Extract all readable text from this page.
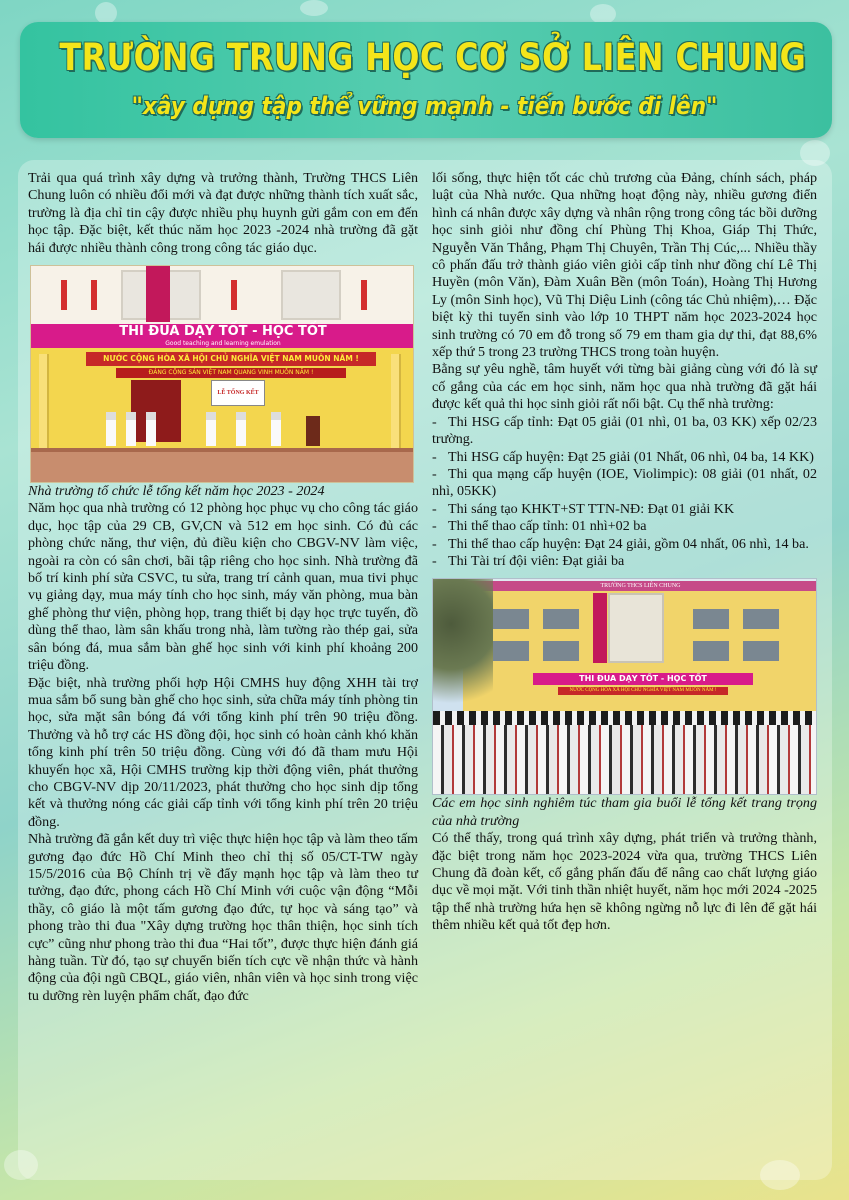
TRƯỜNG TRUNG HỌC CƠ SỞ LIÊN CHUNG
"xây dựng tập thể vững mạnh - tiến bước đi lên"

Trải qua quá trình xây dựng và trưởng thành, Trường THCS Liên Chung luôn có nhiều đổi mới và đạt được những thành tích xuất sắc, trường là địa chỉ tin cậy được nhiều phụ huynh gửi gắm con em đến học tập. Đặc biệt, kết thúc năm học 2023 -2024 nhà trường đã gặt hái được nhiều thành công trong công tác giáo dục.

THI ĐUA DẠY TỐT - HỌC TỐT
Good teaching and learning emulation
NƯỚC CỘNG HÒA XÃ HỘI CHỦ NGHĨA VIỆT NAM MUÔN NĂM !
ĐẢNG CỘNG SẢN VIỆT NAM QUANG VINH MUÔN NĂM !
LỄ TỔNG KẾT

Nhà trường tổ chức lễ tổng kết năm học 2023 - 2024

Năm học qua nhà trường có 12 phòng học phục vụ cho công tác giáo dục, học tập của 29 CB, GV,CN và 512 em học sinh. Có đủ các phòng chức năng, thư viện, đủ điều kiện cho CBGV-NV làm việc, ngoài ra còn có sân chơi, bãi tập riêng cho học sinh. Nhà trường đã bố trí kinh phí sửa CSVC, tu sửa, trang trí cảnh quan, mua tivi phục vụ giảng dạy, mua máy tính cho học sinh, máy văn phòng, mua bàn ghế phòng thư viện, phòng họp, trang thiết bị dạy học trực tuyến, đồ dùng thể thao, làm sân khấu trong nhà, làm tường rào thép gai, sửa sân bóng đá, mua sắm bàn ghế học sinh với kinh phí khoảng 200 triệu đồng.

Đặc biệt, nhà trường phối hợp Hội CMHS huy động XHH tài trợ mua sắm bổ sung bàn ghế cho học sinh, sửa chữa máy tính phòng tin học, sửa mặt sân bóng đá với tổng kinh phí trên 90 triệu đồng. Thưởng và hỗ trợ các HS đồng đội, học sinh có hoàn cảnh khó khăn tổng kinh phí trên 50 triệu đồng. Cùng với đó đã tham mưu Hội khuyến học xã, Hội CMHS trường kịp thời động viên, phát thưởng cho CBGV-NV dịp 20/11/2023, phát thưởng cho học sinh dịp tổng kết và thưởng nóng các giải cấp tỉnh với tổng kinh phí trên 20 triệu đồng.

Nhà trường đã gắn kết duy trì việc thực hiện học tập và làm theo tấm gương đạo đức Hồ Chí Minh theo chỉ thị số 05/CT-TW ngày 15/5/2016 của Bộ Chính trị về đẩy mạnh học tập và làm theo tư tưởng, đạo đức, phong cách Hồ Chí Minh với cuộc vận động “Mỗi thầy, cô giáo là một tấm gương đạo đức, tự học và sáng tạo” và phong trào thi đua "Xây dựng trường học thân thiện, học sinh tích cực” cũng như phong trào thi đua “Hai tốt”, được thực hiện đánh giá hàng tuần. Từ đó, tạo sự chuyển biến tích cực về nhận thức và hành động của đội ngũ CBQL, giáo viên, nhân viên và học sinh trong việc tu dưỡng rèn luyện phẩm chất, đạo đức

lối sống, thực hiện tốt các chủ trương của Đảng, chính sách, pháp luật của Nhà nước. Qua những hoạt động này, nhiều gương điển hình cá nhân được xây dựng và nhân rộng trong công tác bồi dưỡng học sinh giỏi như đồng chí Phùng Thị Khoa, Giáp Thị Thức, Nguyễn Văn Thắng, Phạm Thị Chuyên, Trần Thị Cúc,... Nhiều thầy cô phấn đấu trở thành giáo viên giỏi cấp tỉnh như đồng chí Lê Thị Huyền (môn Văn), Đàm Xuân Bền (môn Toán), Hoàng Thị Hương Ly (môn Sinh học), Vũ Thị Diệu Linh (công tác Chủ nhiệm),… Đặc biệt kỳ thi tuyển sinh vào lớp 10 THPT năm học 2023-2024 học sinh trường có 70 em đỗ trong số 79 em tham gia dự thi, đạt 88,6% xếp thứ 5 trong 23 trường THCS trong toàn huyện.

Bằng sự yêu nghề, tâm huyết với từng bài giảng cùng với đó là sự cố gắng của các em học sinh, năm học qua nhà trường đã gặt hái được kết quả thi học sinh giỏi rất nổi bật. Cụ thể nhà trường:

- Thi HSG cấp tỉnh: Đạt 05 giải (01 nhì, 01 ba, 03 KK) xếp 02/23 trường.

- Thi HSG cấp huyện: Đạt 25 giải (01 Nhất, 06 nhì, 04 ba, 14 KK)

- Thi qua mạng cấp huyện (IOE, Violimpic): 08 giải (01 nhất, 02 nhì, 05KK)

- Thi sáng tạo KHKT+ST TTN-NĐ: Đạt 01 giải KK

- Thi thể thao cấp tỉnh: 01 nhì+02 ba

- Thi thể thao cấp huyện: Đạt 24 giải, gồm 04 nhất, 06 nhì, 14 ba.

- Thi Tài trí đội viên: Đạt giải ba

TRƯỜNG THCS LIÊN CHUNG
THI ĐUA DẠY TỐT - HỌC TỐT
NƯỚC CỘNG HÒA XÃ HỘI CHỦ NGHĨA VIỆT NAM MUÔN NĂM !

Các em học sinh nghiêm túc tham gia buổi lễ tổng kết trang trọng của nhà trường

Có thể thấy, trong quá trình xây dựng, phát triển và trưởng thành, đặc biệt trong năm học 2023-2024 vừa qua, trường THCS Liên Chung đã đoàn kết, cố gắng phấn đấu để nâng cao chất lượng giáo dục về mọi mặt. Với tinh thần nhiệt huyết, năm học mới 2024 -2025 tập thể nhà trường hứa hẹn sẽ không ngừng nỗ lực đi lên để gặt hái thêm nhiều kết quả tốt đẹp hơn.
